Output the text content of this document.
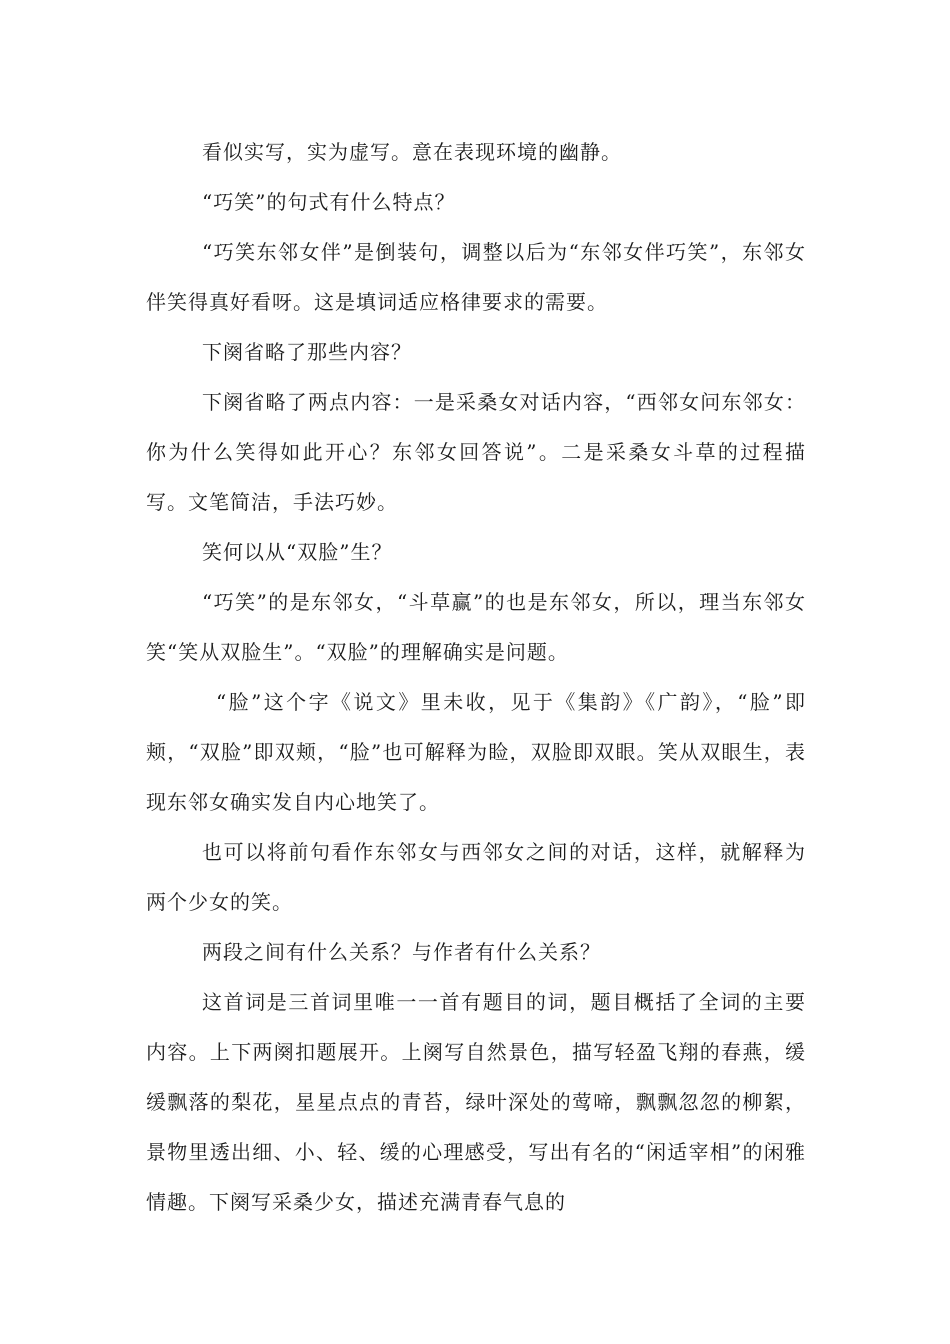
看似实写，实为虚写。意在表现环境的幽静。

“巧笑”的句式有什么特点？

“巧笑东邻女伴”是倒装句，调整以后为“东邻女伴巧笑”，东邻女伴笑得真好看呀。这是填词适应格律要求的需要。

下阕省略了那些内容？

下阕省略了两点内容：一是采桑女对话内容，“西邻女问东邻女：你为什么笑得如此开心？东邻女回答说”。二是采桑女斗草的过程描写。文笔简洁，手法巧妙。

笑何以从“双脸”生？

“巧笑”的是东邻女，“斗草赢”的也是东邻女，所以，理当东邻女笑“笑从双脸生”。“双脸”的理解确实是问题。

“脸”这个字《说文》里未收，见于《集韵》《广韵》，“脸”即颊，“双脸”即双颊，“脸”也可解释为睑，双脸即双眼。笑从双眼生，表现东邻女确实发自内心地笑了。

也可以将前句看作东邻女与西邻女之间的对话，这样，就解释为两个少女的笑。

两段之间有什么关系？与作者有什么关系？

这首词是三首词里唯一一首有题目的词，题目概括了全词的主要内容。上下两阕扣题展开。上阕写自然景色，描写轻盈飞翔的春燕，缓缓飘落的梨花，星星点点的青苔，绿叶深处的莺啼，飘飘忽忽的柳絮，景物里透出细、小、轻、缓的心理感受，写出有名的“闲适宰相”的闲雅情趣。下阕写采桑少女，描述充满青春气息的
